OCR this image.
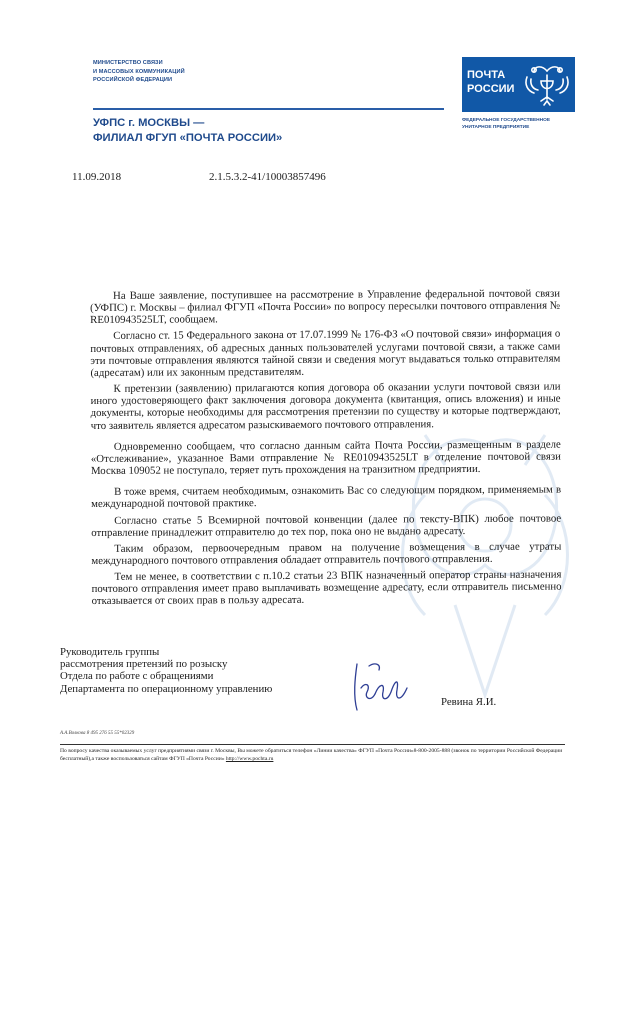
МИНИСТЕРСТВО СВЯЗИ
И МАССОВЫХ КОММУНИКАЦИЙ
РОССИЙСКОЙ ФЕДЕРАЦИИ
УФПС г. МОСКВЫ —
ФИЛИАЛ ФГУП «ПОЧТА РОССИИ»
ПОЧТА
РОССИИ
ФЕДЕРАЛЬНОЕ ГОСУДАРСТВЕННОЕ
УНИТАРНОЕ ПРЕДПРИЯТИЕ
11.09.2018	2.1.5.3.2-41/10003857496

На Ваше заявление, поступившее на рассмотрение в Управление федеральной почтовой связи (УФПС) г. Москвы – филиал ФГУП «Почта России» по вопросу пересылки почтового отправления № RE010943525LT, сообщаем.

Согласно ст. 15 Федерального закона от 17.07.1999 № 176-ФЗ «О почтовой связи» информация о почтовых отправлениях, об адресных данных пользователей услугами почтовой связи, а также сами эти почтовые отправления являются тайной связи и сведения могут выдаваться только отправителям (адресатам) или их законным представителям.

К претензии (заявлению) прилагаются копия договора об оказании услуги почтовой связи или иного удостоверяющего факт заключения договора документа (квитанция, опись вложения) и иные документы, которые необходимы для рассмотрения претензии по существу и которые подтверждают, что заявитель является адресатом разыскиваемого почтового отправления.

Одновременно сообщаем, что согласно данным сайта Почта России, размещенным в разделе «Отслеживание», указанное Вами отправление № RE010943525LT в отделение почтовой связи Москва 109052 не поступало, теряет путь прохождения на транзитном предприятии.

В тоже время, считаем необходимым, ознакомить Вас со следующим порядком, применяемым в международной почтовой практике.

Согласно статье 5 Всемирной почтовой конвенции (далее по тексту-ВПК) любое почтовое отправление принадлежит отправителю до тех пор, пока оно не выдано адресату.

Таким образом, первоочередным правом на получение возмещения в случае утраты международного почтового отправления обладает отправитель почтового отправления.

Тем не менее, в соответствии с п.10.2 статьи 23 ВПК назначенный оператор страны назначения почтового отправления имеет право выплачивать возмещение адресату, если отправитель письменно отказывается от своих прав в пользу адресата.

Руководитель группы
рассмотрения претензий по розыску
Отдела по работе с обращениями
Департамента по операционному управлению
Ревина Я.И.
А.А.Волкова 8 495 276 55 55*02329
По вопросу качества оказываемых услуг предприятиями связи г. Москвы, Вы можете обратиться телефон «Линии качества» ФГУП «Почта России»8-800-2005-888 (звонок по территории Российской Федерации бесплатный),а также воспользоваться сайтам ФГУП «Почта России» http://www.pochta.ru
